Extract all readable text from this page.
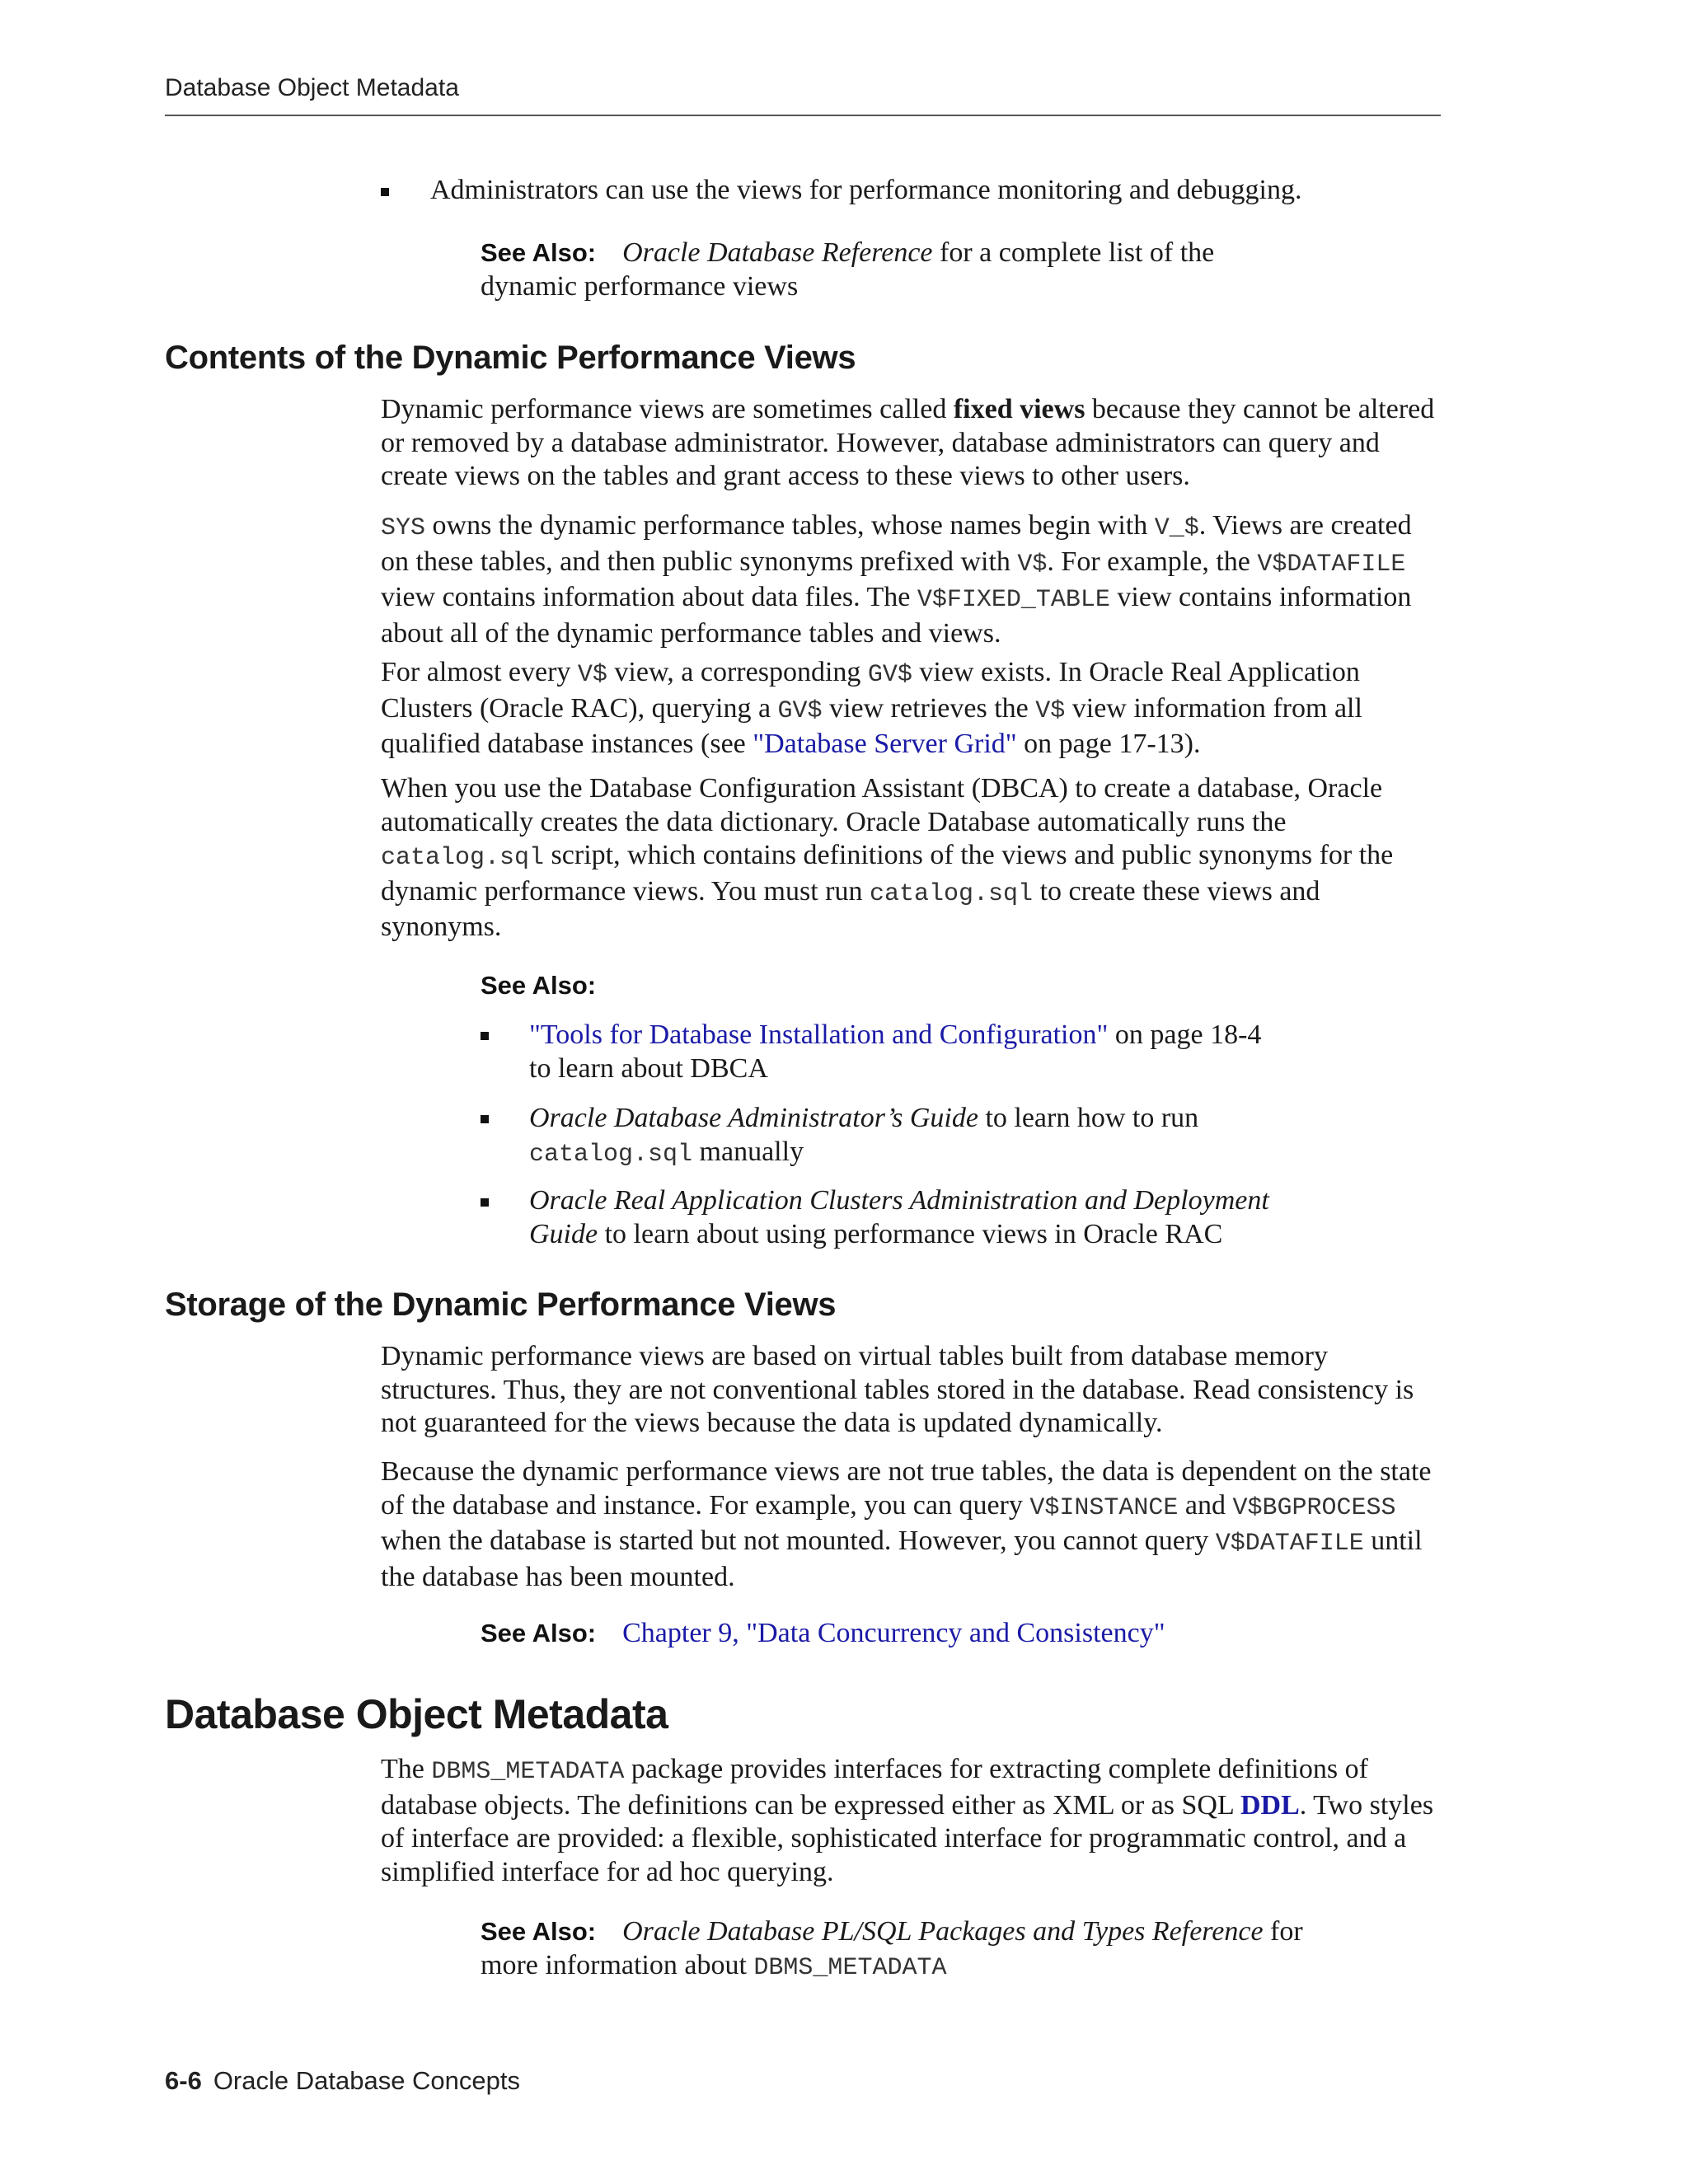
Database Object Metadata

Administrators can use the views for performance monitoring and debugging.

See Also: Oracle Database Reference for a complete list of the
dynamic performance views

Contents of the Dynamic Performance Views

Dynamic performance views are sometimes called fixed views because they cannot be altered or removed by a database administrator. However, database administrators can query and create views on the tables and grant access to these views to other users.

SYS owns the dynamic performance tables, whose names begin with V_$. Views are created on these tables, and then public synonyms prefixed with V$. For example, the V$DATAFILE view contains information about data files. The V$FIXED_TABLE view contains information about all of the dynamic performance tables and views.

For almost every V$ view, a corresponding GV$ view exists. In Oracle Real Application Clusters (Oracle RAC), querying a GV$ view retrieves the V$ view information from all qualified database instances (see "Database Server Grid" on page 17-13).

When you use the Database Configuration Assistant (DBCA) to create a database, Oracle automatically creates the data dictionary. Oracle Database automatically runs the catalog.sql script, which contains definitions of the views and public synonyms for the dynamic performance views. You must run catalog.sql to create these views and synonyms.

See Also:

"Tools for Database Installation and Configuration" on page 18-4
to learn about DBCA

Oracle Database Administrator’s Guide to learn how to run
catalog.sql manually

Oracle Real Application Clusters Administration and Deployment
Guide to learn about using performance views in Oracle RAC

Storage of the Dynamic Performance Views

Dynamic performance views are based on virtual tables built from database memory structures. Thus, they are not conventional tables stored in the database. Read consistency is not guaranteed for the views because the data is updated dynamically.

Because the dynamic performance views are not true tables, the data is dependent on the state of the database and instance. For example, you can query V$INSTANCE and V$BGPROCESS when the database is started but not mounted. However, you cannot query V$DATAFILE until the database has been mounted.

See Also: Chapter 9, "Data Concurrency and Consistency"

Database Object Metadata

The DBMS_METADATA package provides interfaces for extracting complete definitions of database objects. The definitions can be expressed either as XML or as SQL DDL. Two styles of interface are provided: a flexible, sophisticated interface for programmatic control, and a simplified interface for ad hoc querying.

See Also: Oracle Database PL/SQL Packages and Types Reference for
more information about DBMS_METADATA

6-6 Oracle Database Concepts
